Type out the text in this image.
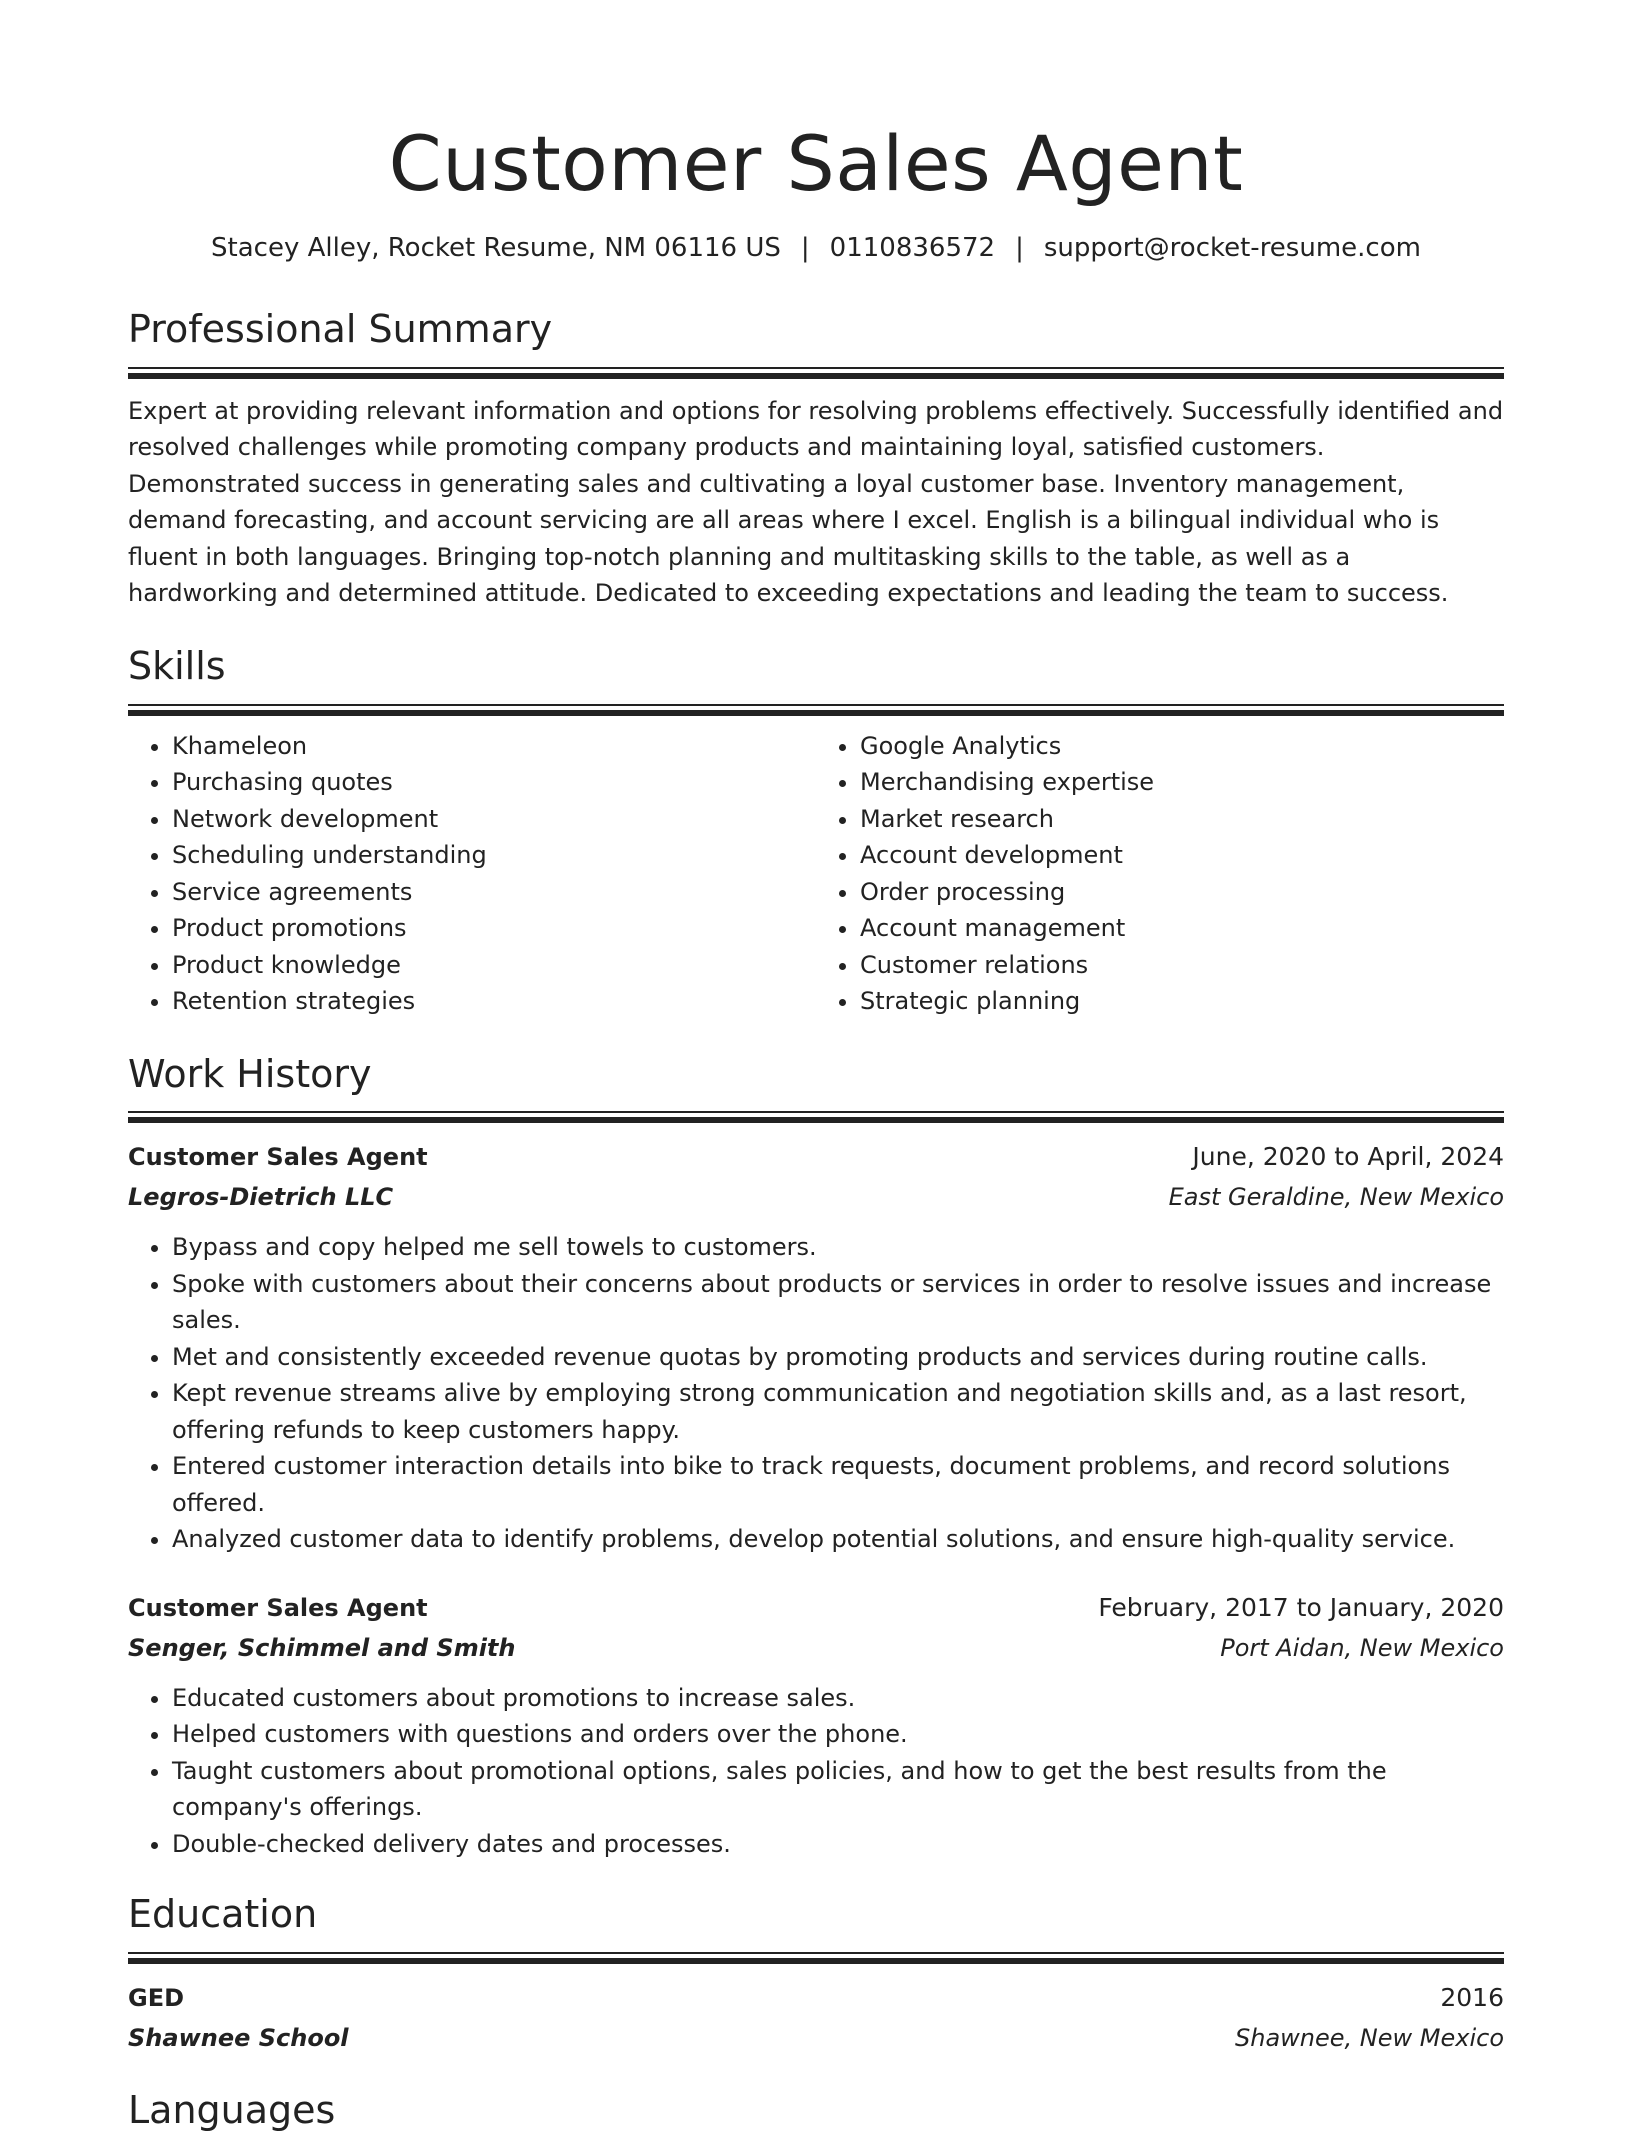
Customer Sales Agent
Stacey Alley, Rocket Resume, NM 06116 US | 0110836572 | support@rocket-resume.com
Professional Summary
Expert at providing relevant information and options for resolving problems effectively. Successfully identified and resolved challenges while promoting company products and maintaining loyal, satisfied customers. Demonstrated success in generating sales and cultivating a loyal customer base. Inventory management, demand forecasting, and account servicing are all areas where I excel. English is a bilingual individual who is fluent in both languages. Bringing top-notch planning and multitasking skills to the table, as well as a hardworking and determined attitude. Dedicated to exceeding expectations and leading the team to success.
Skills
• Khameleon
• Purchasing quotes
• Network development
• Scheduling understanding
• Service agreements
• Product promotions
• Product knowledge
• Retention strategies
• Google Analytics
• Merchandising expertise
• Market research
• Account development
• Order processing
• Account management
• Customer relations
• Strategic planning
Work History
Customer Sales Agent	June, 2020 to April, 2024
Legros-Dietrich LLC	East Geraldine, New Mexico
• Bypass and copy helped me sell towels to customers.
• Spoke with customers about their concerns about products or services in order to resolve issues and increase sales.
• Met and consistently exceeded revenue quotas by promoting products and services during routine calls.
• Kept revenue streams alive by employing strong communication and negotiation skills and, as a last resort, offering refunds to keep customers happy.
• Entered customer interaction details into bike to track requests, document problems, and record solutions offered.
• Analyzed customer data to identify problems, develop potential solutions, and ensure high-quality service.
Customer Sales Agent	February, 2017 to January, 2020
Senger, Schimmel and Smith	Port Aidan, New Mexico
• Educated customers about promotions to increase sales.
• Helped customers with questions and orders over the phone.
• Taught customers about promotional options, sales policies, and how to get the best results from the company's offerings.
• Double-checked delivery dates and processes.
Education
GED	2016
Shawnee School	Shawnee, New Mexico
Languages
